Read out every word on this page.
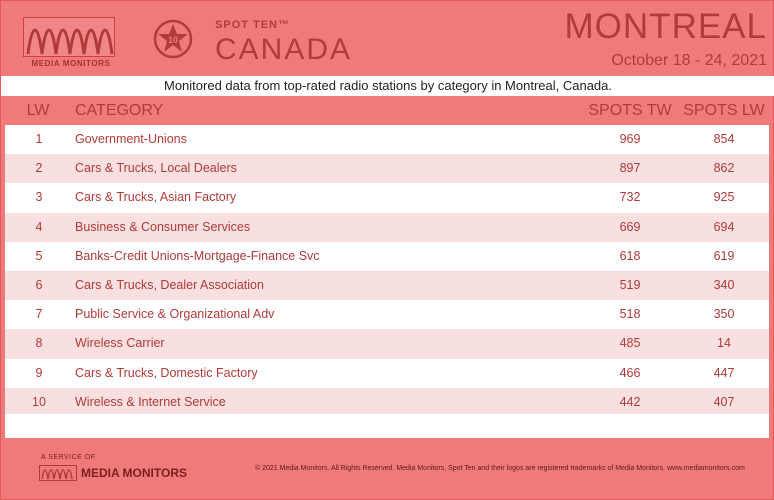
MEDIA MONITORS
10
SPOT TEN™
CANADA
MONTREAL
October 18 - 24, 2021
Monitored data from top-rated radio stations by category in Montreal, Canada.
LW	CATEGORY	SPOTS TW SPOTS LW
1	Government-Unions	969	854
2	Cars & Trucks, Local Dealers	897	862
3	Cars & Trucks, Asian Factory	732	925
4	Business & Consumer Services	669	694
5	Banks-Credit Unions-Mortgage-Finance Svc	618	619
6	Cars & Trucks, Dealer Association	519	340
7	Public Service & Organizational Adv	518	350
8	Wireless Carrier	485	14
9	Cars & Trucks, Domestic Factory	466	447
10	Wireless & Internet Service	442	407
A SERVICE OF
MEDIA MONITORS	© 2021 Media Monitors. All Rights Reserved. Media Monitors, Spot Ten and their logos are registered trademarks of Media Monitors. www.mediamonitors.com
